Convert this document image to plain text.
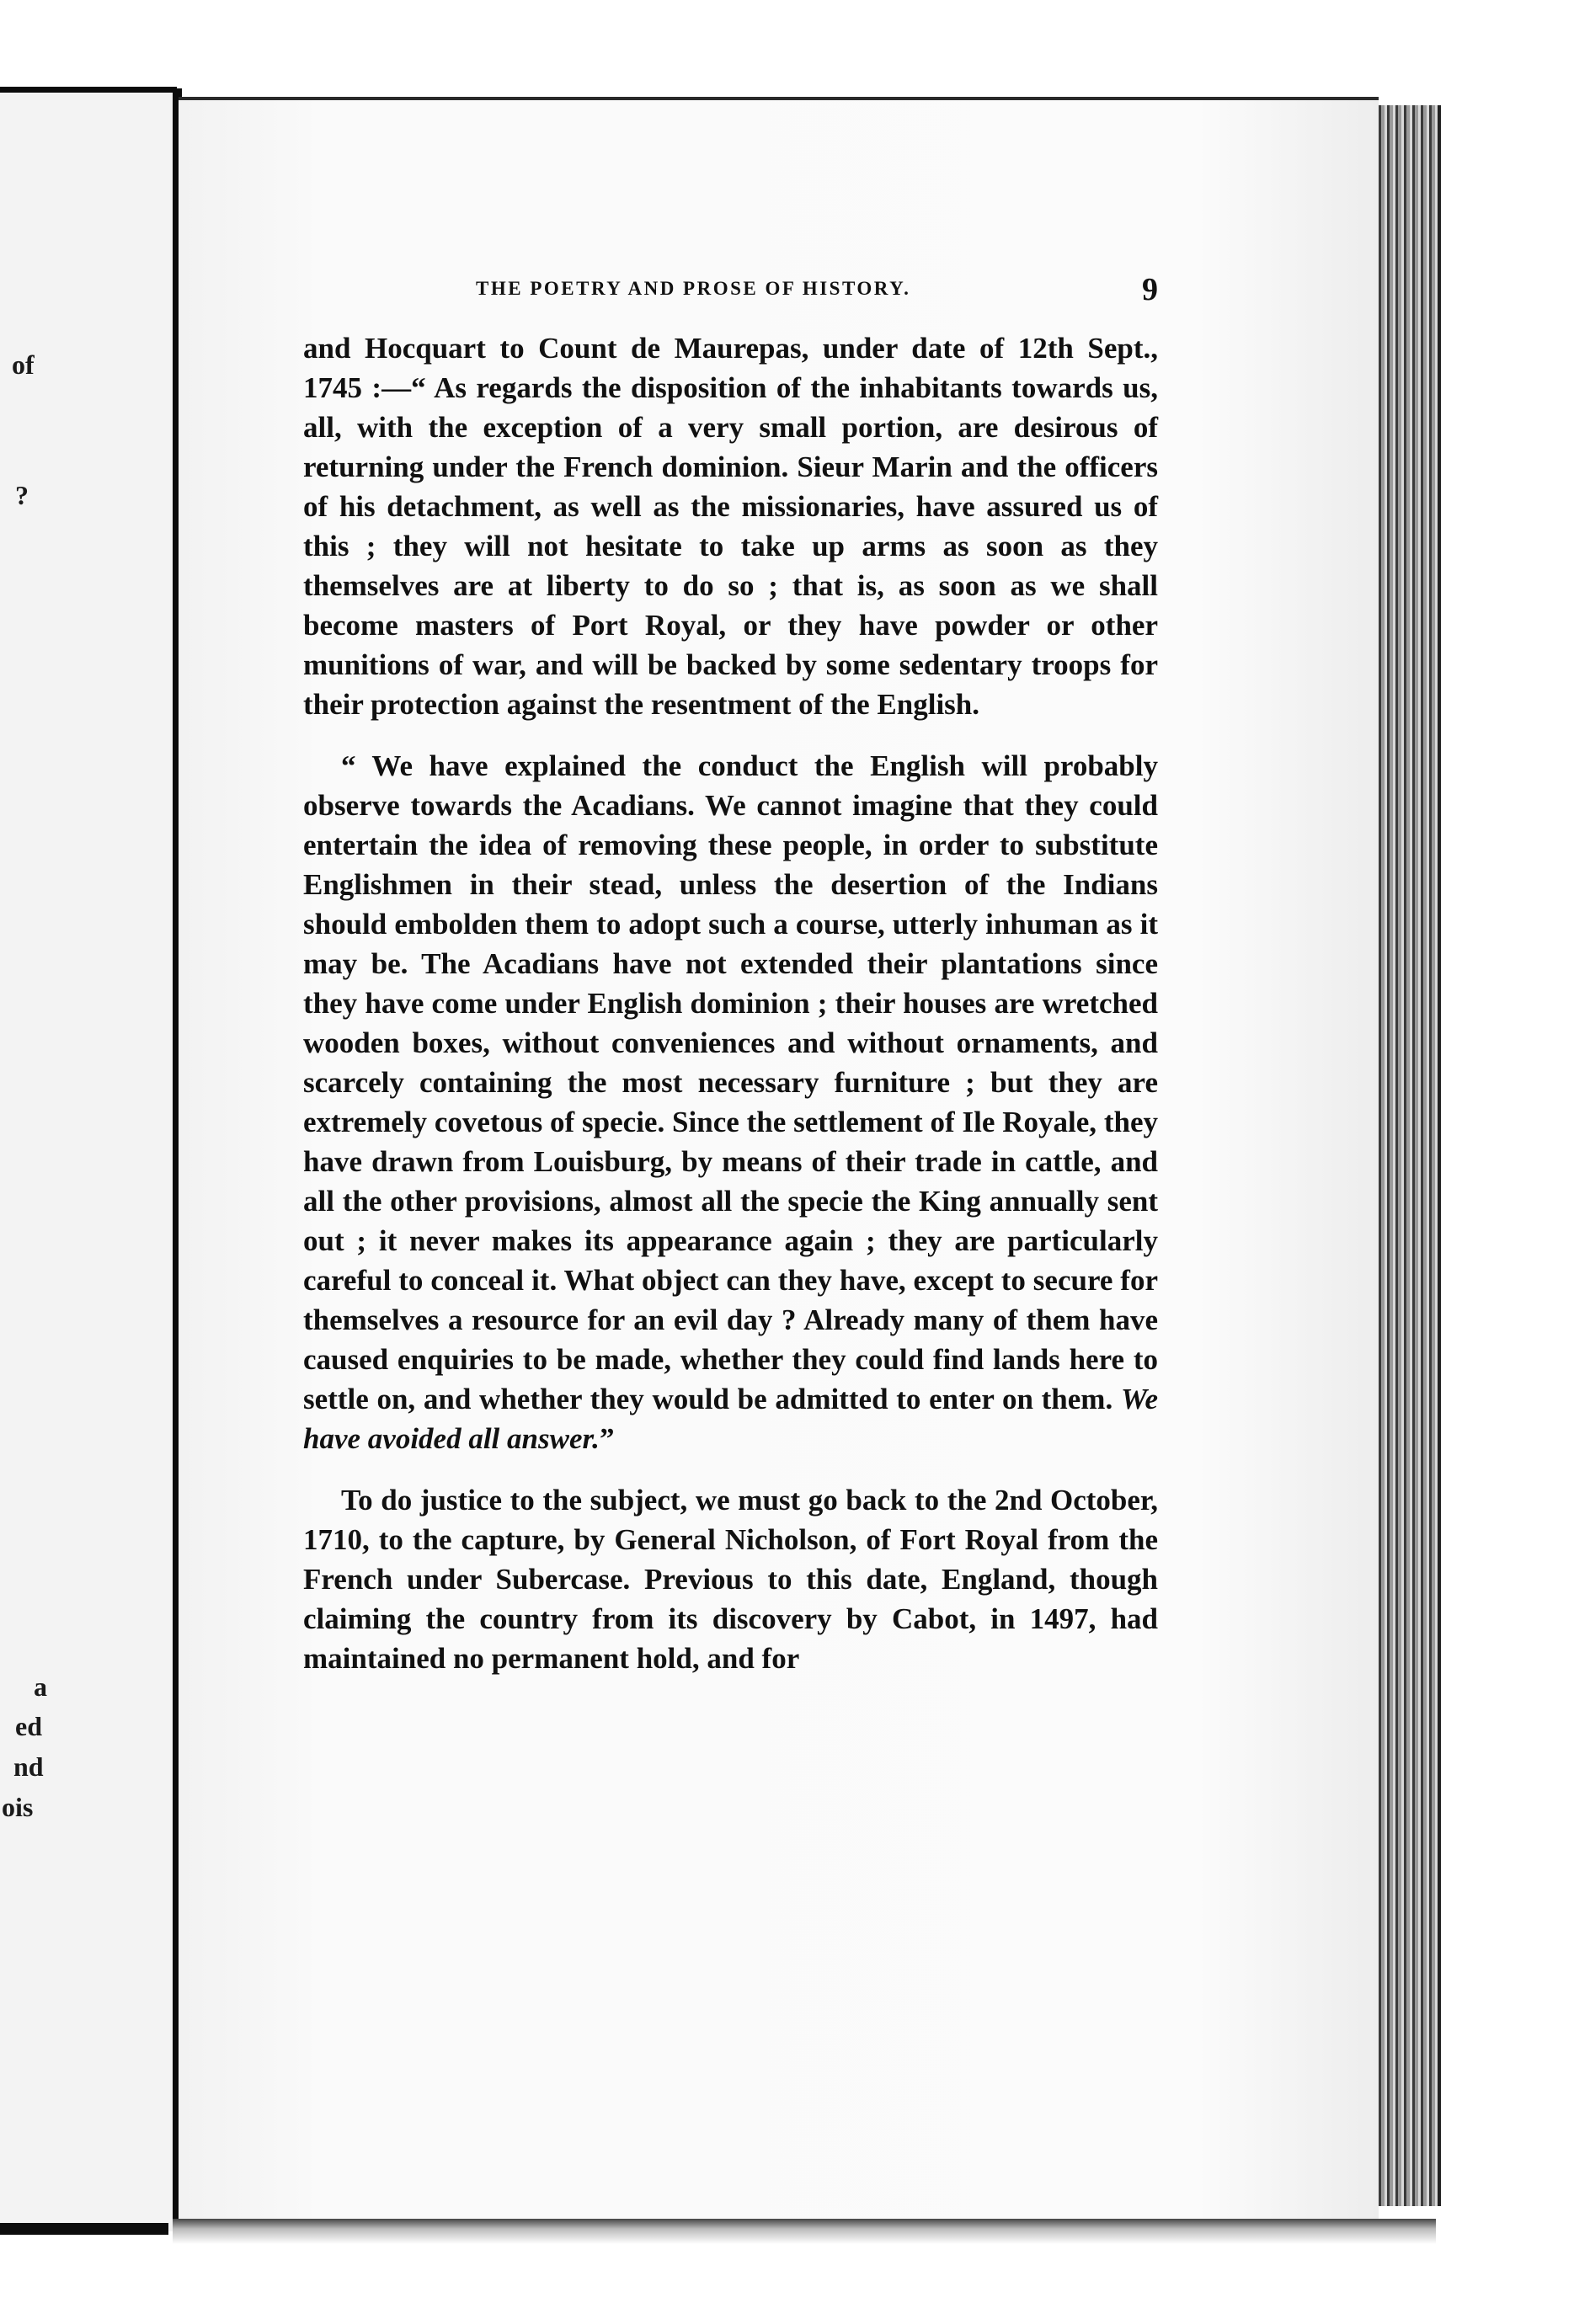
of
?
a
ed
nd
ois
THE POETRY AND PROSE OF HISTORY.	9

and Hocquart to Count de Maurepas, under date of 12th Sept., 1745 :—“ As regards the disposition of the inhabitants towards us, all, with the exception of a very small portion, are desirous of returning under the French dominion. Sieur Marin and the officers of his detachment, as well as the missionaries, have assured us of this ; they will not hesitate to take up arms as soon as they themselves are at liberty to do so ; that is, as soon as we shall become masters of Port Royal, or they have powder or other munitions of war, and will be backed by some sedentary troops for their protection against the resentment of the English.

“ We have explained the conduct the English will probably observe towards the Acadians. We cannot imagine that they could entertain the idea of removing these people, in order to substitute Englishmen in their stead, unless the desertion of the Indians should embolden them to adopt such a course, utterly inhuman as it may be. The Acadians have not extended their plantations since they have come under English dominion ; their houses are wretched wooden boxes, without conveniences and without ornaments, and scarcely containing the most necessary furniture ; but they are extremely covetous of specie. Since the settlement of Ile Royale, they have drawn from Louisburg, by means of their trade in cattle, and all the other provisions, almost all the specie the King annually sent out ; it never makes its appearance again ; they are particularly careful to conceal it. What object can they have, except to secure for themselves a resource for an evil day ? Already many of them have caused enquiries to be made, whether they could find lands here to settle on, and whether they would be admitted to enter on them. We have avoided all answer.”

To do justice to the subject, we must go back to the 2nd October, 1710, to the capture, by General Nicholson, of Fort Royal from the French under Subercase. Previous to this date, England, though claiming the country from its discovery by Cabot, in 1497, had maintained no permanent hold, and for
